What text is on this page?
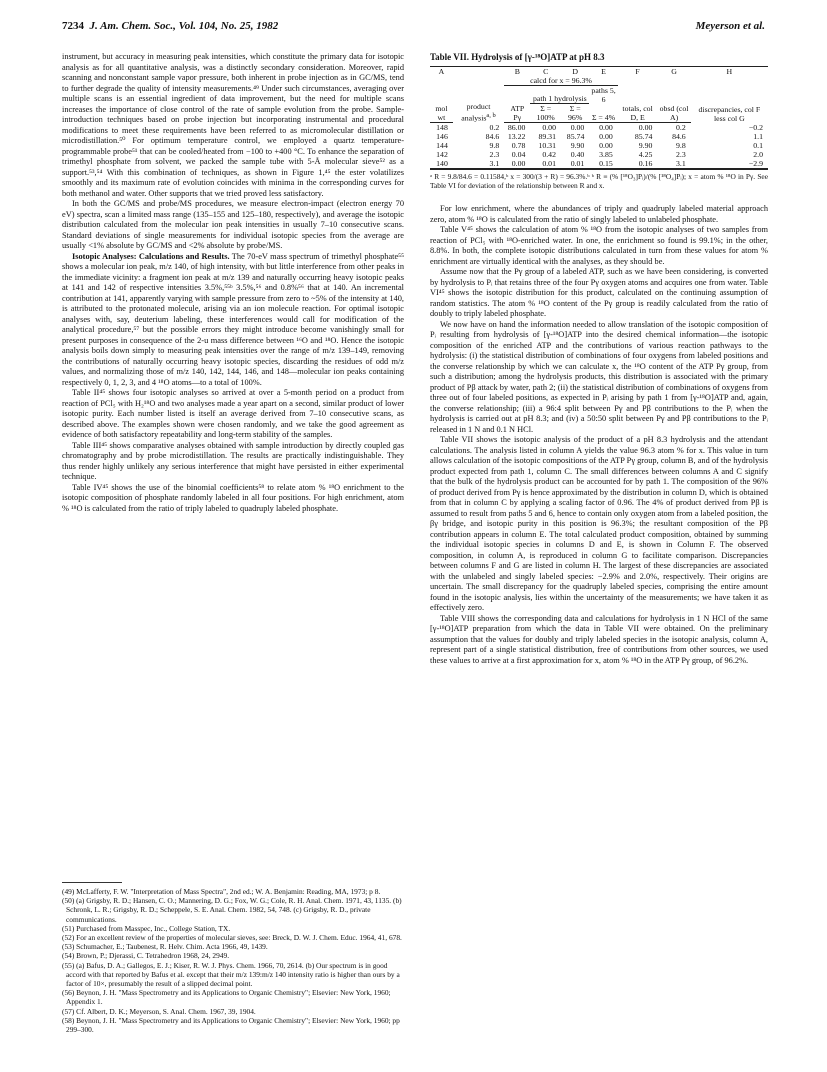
7234 J. Am. Chem. Soc., Vol. 104, No. 25, 1982	Meyerson et al.

instrument, but accuracy in measuring peak intensities, which constitute the primary data for isotopic analysis as for all quantitative analysis, was a distinctly secondary consideration. Moreover, rapid scanning and nonconstant sample vapor pressure, both inherent in probe injection as in GC/MS, tend to further degrade the quality of intensity measurements.⁴⁹ Under such circumstances, averaging over multiple scans is an essential ingredient of data improvement, but the need for multiple scans increases the importance of close control of the rate of sample evolution from the probe. Sample-introduction techniques based on probe injection but incorporating instrumental and procedural modifications to meet these requirements have been referred to as micromolecular distillation or microdistillation.⁵⁰ For optimum temperature control, we employed a quartz temperature-programmable probe⁵¹ that can be cooled/heated from −100 to +400 °C. To enhance the separation of trimethyl phosphate from solvent, we packed the sample tube with 5-Å molecular sieve⁵² as a support.⁵³,⁵⁴ With this combination of techniques, as shown in Figure 1,⁴⁵ the ester volatilizes smoothly and its maximum rate of evolution coincides with minima in the corresponding curves for both methanol and water. Other supports that we tried proved less satisfactory.

In both the GC/MS and probe/MS procedures, we measure electron-impact (electron energy 70 eV) spectra, scan a limited mass range (135–155 and 125–180, respectively), and average the isotopic distribution calculated from the molecular ion peak intensities in usually 7–10 consecutive scans. Standard deviations of single measurements for individual isotopic species from the average are usually <1% absolute by GC/MS and <2% absolute by probe/MS.

Isotopic Analyses: Calculations and Results. The 70-eV mass spectrum of trimethyl phosphate⁵⁵ shows a molecular ion peak, m/z 140, of high intensity, with but little interference from other peaks in the immediate vicinity: a fragment ion peak at m/z 139 and naturally occurring heavy isotopic peaks at 141 and 142 of respective intensities 3.5%,⁵⁵ᵇ 3.5%,⁵⁶ and 0.8%⁵⁶ that at 140. An incremental contribution at 141, apparently varying with sample pressure from zero to ~5% of the intensity at 140, is attributed to the protonated molecule, arising via an ion molecule reaction. For optimal isotopic analyses with, say, deuterium labeling, these interferences would call for modification of the analytical procedure,⁵⁷ but the possible errors they might introduce become vanishingly small for present purposes in consequence of the 2-u mass difference between ¹⁶O and ¹⁸O. Hence the isotopic analysis boils down simply to measuring peak intensities over the range of m/z 139–149, removing the contributions of naturally occurring heavy isotopic species, discarding the residues of odd m/z values, and normalizing those of m/z 140, 142, 144, 146, and 148—molecular ion peaks containing respectively 0, 1, 2, 3, and 4 ¹⁸O atoms—to a total of 100%.

Table II⁴⁵ shows four isotopic analyses so arrived at over a 5-month period on a product from reaction of PCl₅ with H₂¹⁸O and two analyses made a year apart on a second, similar product of lower isotopic purity. Each number listed is itself an average derived from 7–10 consecutive scans, as described above. The examples shown were chosen randomly, and we take the good agreement as evidence of both satisfactory repeatability and long-term stability of the samples.

Table III⁴⁵ shows comparative analyses obtained with sample introduction by directly coupled gas chromatography and by probe microdistillation. The results are practically indistinguishable. They thus render highly unlikely any serious interference that might have persisted in either experimental technique.

Table IV⁴⁵ shows the use of the binomial coefficients⁵⁸ to relate atom % ¹⁸O enrichment to the isotopic composition of phosphate randomly labeled in all four positions. For high enrichment, atom % ¹⁸O is calculated from the ratio of triply labeled to quadruply labeled phosphate.

(49) McLafferty, F. W. "Interpretation of Mass Spectra", 2nd ed.; W. A. Benjamin: Reading, MA, 1973; p 8.
(50) (a) Grigsby, R. D.; Hansen, C. O.; Mannering, D. G.; Fox, W. G.; Cole, R. H. Anal. Chem. 1971, 43, 1135. (b) Schronk, L. R.; Grigsby, R. D.; Scheppele, S. E. Anal. Chem. 1982, 54, 748. (c) Grigsby, R. D., private communications.
(51) Purchased from Masspec, Inc., College Station, TX.
(52) For an excellent review of the properties of molecular sieves, see: Breck, D. W. J. Chem. Educ. 1964, 41, 678.
(53) Schumacher, E.; Taubenest, R. Helv. Chim. Acta 1966, 49, 1439.
(54) Brown, P.; Djerassi, C. Tetrahedron 1968, 24, 2949.
(55) (a) Bafus, D. A.; Gallegos, E. J.; Kiser, R. W. J. Phys. Chem. 1966, 70, 2614. (b) Our spectrum is in good accord with that reported by Bafus et al. except that their m/z 139:m/z 140 intensity ratio is higher than ours by a factor of 10×, presumably the result of a slipped decimal point.
(56) Beynon, J. H. "Mass Spectrometry and its Applications to Organic Chemistry"; Elsevier: New York, 1960; Appendix 1.
(57) Cf. Albert, D. K.; Meyerson, S. Anal. Chem. 1967, 39, 1904.
(58) Beynon, J. H. "Mass Spectrometry and its Applications to Organic Chemistry"; Elsevier: New York, 1960; pp 299–300.
Table VII. Hydrolysis of [γ-¹⁸O]ATP at pH 8.3
A		B	C	D	E	F	G	H
		calcd for x = 96.3%						discrepancies, col F less col G
	product analysis$^{a, b}$		path 1 hydrolysis		paths 5, 6			
mol wt		ATP Pγ	Σ = 100%	Σ = 96%	Σ = 4%	totals, col D, E	obsd (col A)	
148	0.2	86.00	0.00	0.00	0.00	0.00	0.2	−0.2
146	84.6	13.22	89.31	85.74	0.00	85.74	84.6	1.1
144	9.8	0.78	10.31	9.90	0.00	9.90	9.8	0.1
142	2.3	0.04	0.42	0.40	3.85	4.25	2.3	2.0
140	3.1	0.00	0.01	0.01	0.15	0.16	3.1	−2.9
ᵃ R = 9.8/84.6 = 0.11584,ᵇ x = 300/(3 + R) = 96.3%.ᵇ ᵇ R ≡ (% [¹⁸O₃]Pᵢ)/(% [¹⁸O₄]Pᵢ); x = atom % ¹⁸O in Pγ. See Table VI for deviation of the relationship between R and x.

For low enrichment, where the abundances of triply and quadruply labeled material approach zero, atom % ¹⁸O is calculated from the ratio of singly labeled to unlabeled phosphate.

Table V⁴⁵ shows the calculation of atom % ¹⁸O from the isotopic analyses of two samples from reaction of PCl₅ with ¹⁸O-enriched water. In one, the enrichment so found is 99.1%; in the other, 8.8%. In both, the complete isotopic distributions calculated in turn from these values for atom % enrichment are virtually identical with the analyses, as they should be.

Assume now that the Pγ group of a labeled ATP, such as we have been considering, is converted by hydrolysis to Pᵢ that retains three of the four Pγ oxygen atoms and acquires one from water. Table VI⁴⁵ shows the isotopic distribution for this product, calculated on the continuing assumption of random statistics. The atom % ¹⁸O content of the Pγ group is readily calculated from the ratio of doubly to triply labeled phosphate.

We now have on hand the information needed to allow translation of the isotopic composition of Pᵢ resulting from hydrolysis of [γ-¹⁸O]ATP into the desired chemical information—the isotopic composition of the enriched ATP and the contributions of various reaction pathways to the hydrolysis: (i) the statistical distribution of combinations of four oxygens from labeled positions and the converse relationship by which we can calculate x, the ¹⁸O content of the ATP Pγ group, from such a distribution; among the hydrolysis products, this distribution is associated with the primary product of Pβ attack by water, path 2; (ii) the statistical distribution of combinations of oxygens from three out of four labeled positions, as expected in Pᵢ arising by path 1 from [γ-¹⁸O]ATP and, again, the converse relationship; (iii) a 96:4 split between Pγ and Pβ contributions to the Pᵢ when the hydrolysis is carried out at pH 8.3; and (iv) a 50:50 split between Pγ and Pβ contributions to the Pᵢ released in 1 N and 0.1 N HCl.

Table VII shows the isotopic analysis of the product of a pH 8.3 hydrolysis and the attendant calculations. The analysis listed in column A yields the value 96.3 atom % for x. This value in turn allows calculation of the isotopic compositions of the ATP Pγ group, column B, and of the hydrolysis product expected from path 1, column C. The small differences between columns A and C signify that the bulk of the hydrolysis product can be accounted for by path 1. The composition of the 96% of product derived from Pγ is hence approximated by the distribution in column D, which is obtained from that in column C by applying a scaling factor of 0.96. The 4% of product derived from Pβ is assumed to result from paths 5 and 6, hence to contain only oxygen atom from a labeled position, the βγ bridge, and isotopic purity in this position is 96.3%; the resultant composition of the Pβ contribution appears in column E. The total calculated product composition, obtained by summing the individual isotopic species in columns D and E, is shown in Column F. The observed composition, in column A, is reproduced in column G to facilitate comparison. Discrepancies between columns F and G are listed in column H. The largest of these discrepancies are associated with the unlabeled and singly labeled species: −2.9% and 2.0%, respectively. Their origins are uncertain. The small discrepancy for the quadruply labeled species, comprising the entire amount found in the isotopic analysis, lies within the uncertainty of the measurements; we have taken it as effectively zero.

Table VIII shows the corresponding data and calculations for hydrolysis in 1 N HCl of the same [γ-¹⁸O]ATP preparation from which the data in Table VII were obtained. On the preliminary assumption that the values for doubly and triply labeled species in the isotopic analysis, column A, represent part of a single statistical distribution, free of contributions from other sources, we used these values to arrive at a first approximation for x, atom % ¹⁸O in the ATP Pγ group, of 96.2%.
